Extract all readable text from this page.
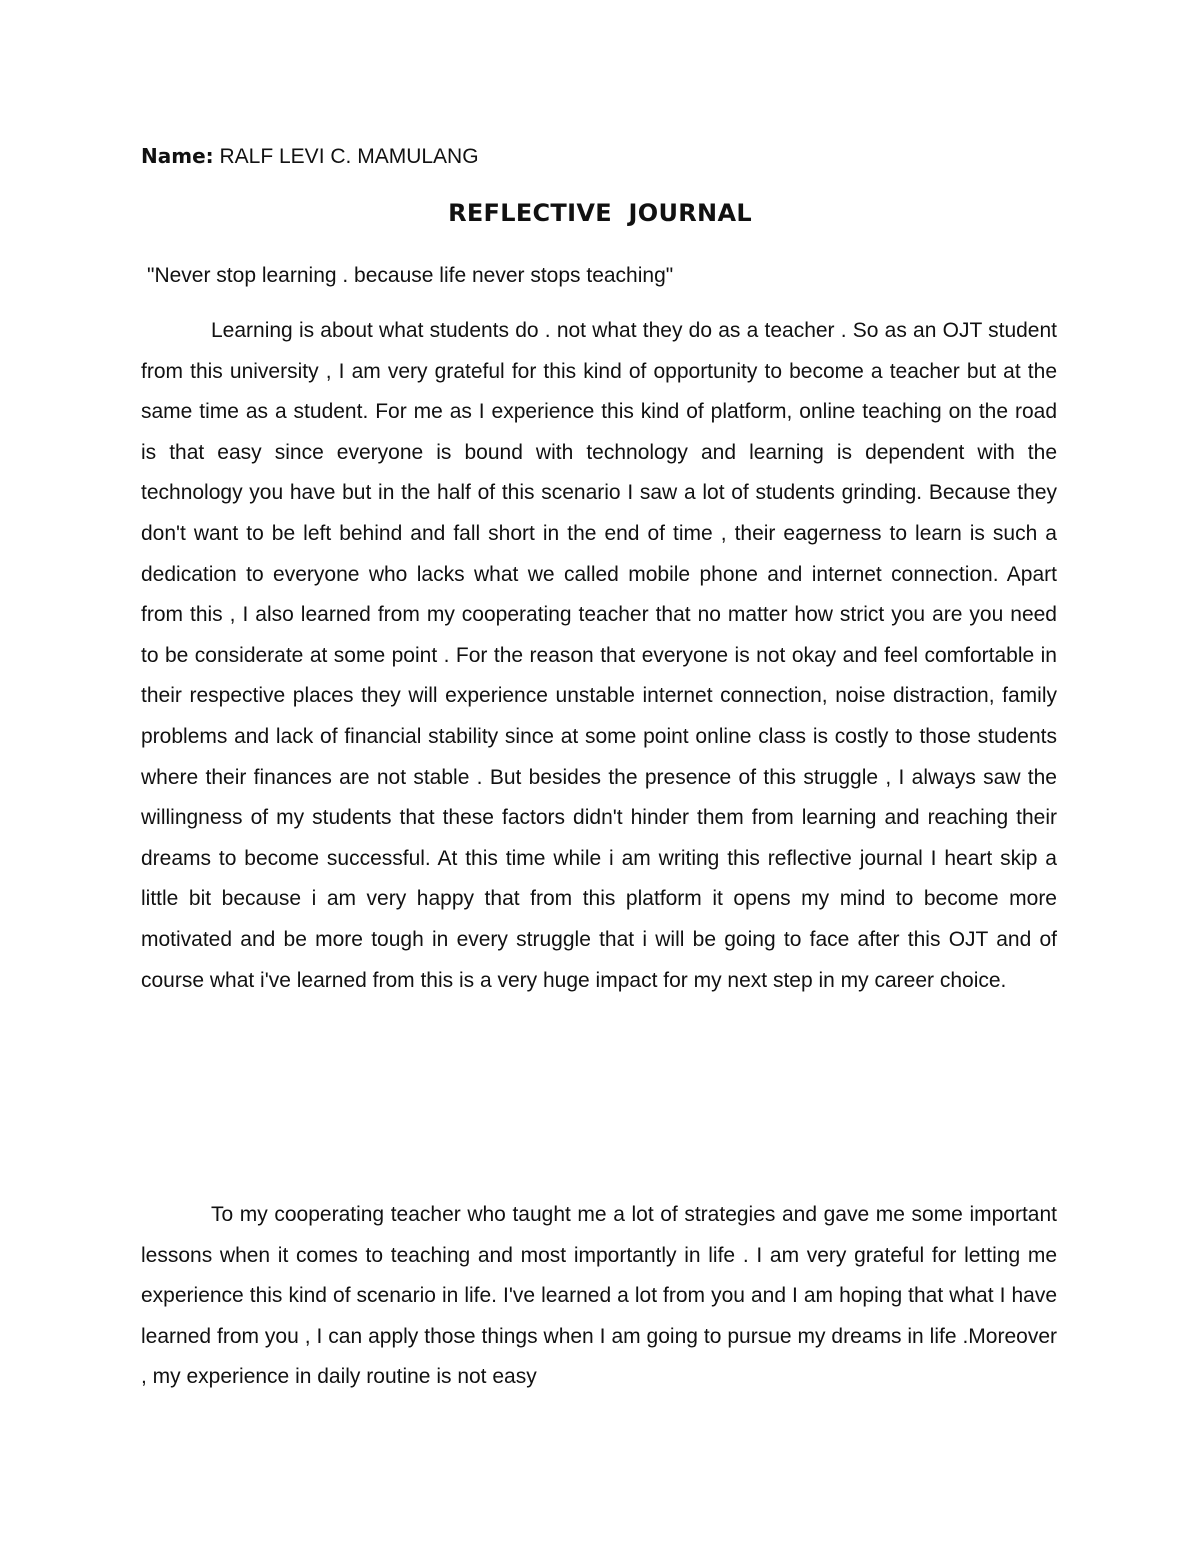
Name: RALF LEVI C. MAMULANG
REFLECTIVE JOURNAL

"Never stop learning . because life never stops teaching"

Learning is about what students do . not what they do as a teacher . So as an OJT student from this university , I am very grateful for this kind of opportunity to become a teacher but at the same time as a student. For me as I experience this kind of platform, online teaching on the road is that easy since everyone is bound with technology and learning is dependent with the technology you have but in the half of this scenario I saw a lot of students grinding. Because they don't want to be left behind and fall short in the end of time , their eagerness to learn is such a dedication to everyone who lacks what we called mobile phone and internet connection. Apart from this , I also learned from my cooperating teacher that no matter how strict you are you need to be considerate at some point . For the reason that everyone is not okay and feel comfortable in their respective places they will experience unstable internet connection, noise distraction, family problems and lack of financial stability since at some point online class is costly to those students where their finances are not stable . But besides the presence of this struggle , I always saw the willingness of my students that these factors didn't hinder them from learning and reaching their dreams to become successful. At this time while i am writing this reflective journal I heart skip a little bit because i am very happy that from this platform it opens my mind to become more motivated and be more tough in every struggle that i will be going to face after this OJT and of course what i've learned from this is a very huge impact for my next step in my career choice.

To my cooperating teacher who taught me a lot of strategies and gave me some important lessons when it comes to teaching and most importantly in life . I am very grateful for letting me experience this kind of scenario in life. I've learned a lot from you and I am hoping that what I have learned from you , I can apply those things when I am going to pursue my dreams in life .Moreover , my experience in daily routine is not easy
